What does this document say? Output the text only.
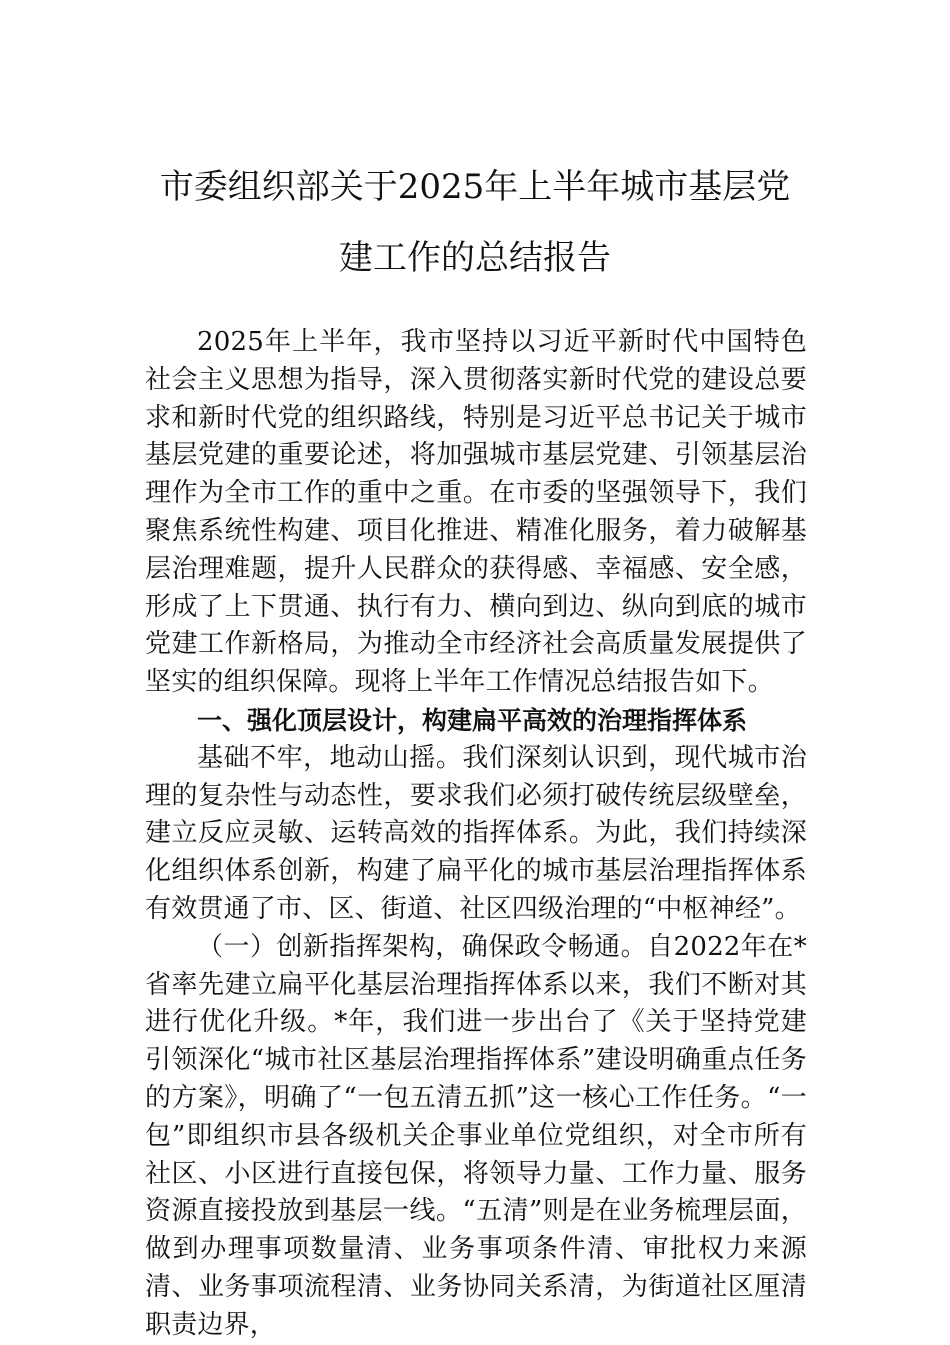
市委组织部关于2025年上半年城市基层党
建工作的总结报告

2025年上半年，我市坚持以习近平新时代中国特色社会主义思想为指导，深入贯彻落实新时代党的建设总要求和新时代党的组织路线，特别是习近平总书记关于城市基层党建的重要论述，将加强城市基层党建、引领基层治理作为全市工作的重中之重。在市委的坚强领导下，我们聚焦系统性构建、项目化推进、精准化服务，着力破解基层治理难题，提升人民群众的获得感、幸福感、安全感，形成了上下贯通、执行有力、横向到边、纵向到底的城市党建工作新格局，为推动全市经济社会高质量发展提供了坚实的组织保障。现将上半年工作情况总结报告如下。

一、强化顶层设计，构建扁平高效的治理指挥体系

基础不牢，地动山摇。我们深刻认识到，现代城市治理的复杂性与动态性，要求我们必须打破传统层级壁垒，建立反应灵敏、运转高效的指挥体系。为此，我们持续深化组织体系创新，构建了扁平化的城市基层治理指挥体系有效贯通了市、区、街道、社区四级治理的“中枢神经”。

（一）创新指挥架构，确保政令畅通。自2022年在*省率先建立扁平化基层治理指挥体系以来，我们不断对其进行优化升级。*年，我们进一步出台了《关于坚持党建引领深化“城市社区基层治理指挥体系”建设明确重点任务的方案》，明确了“一包五清五抓”这一核心工作任务。“一包”即组织市县各级机关企事业单位党组织，对全市所有社区、小区进行直接包保，将领导力量、工作力量、服务资源直接投放到基层一线。“五清”则是在业务梳理层面，做到办理事项数量清、业务事项条件清、审批权力来源清、业务事项流程清、业务协同关系清，为街道社区厘清职责边界，
